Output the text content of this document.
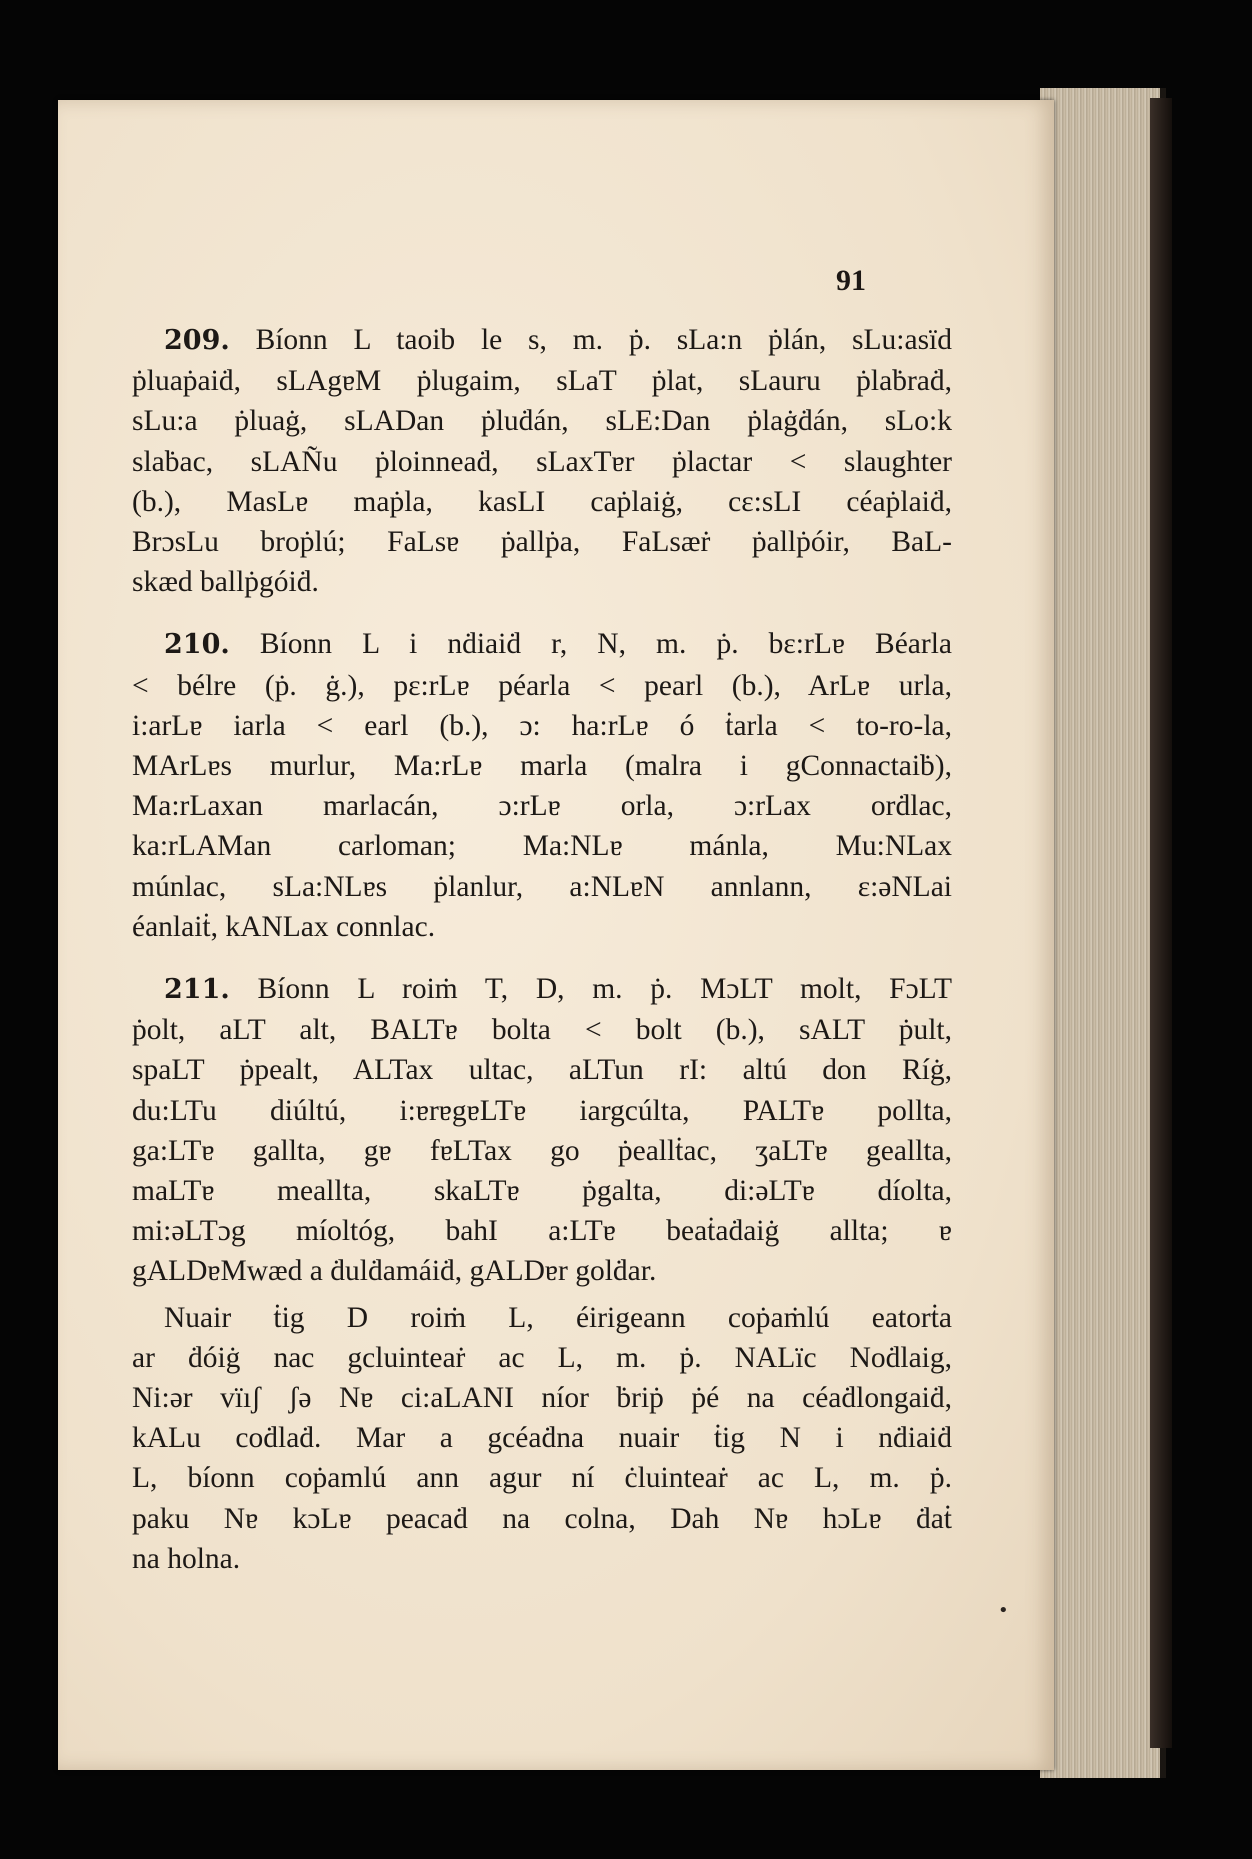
91

209. Bíonn L taoib le s, m. ṗ. sLa:n ṗlán, sLu:asïd
ṗluaṗaiḋ, sLAgɐM ṗlugaim, sLaT ṗlat, sLauru ṗlaḃraḋ,
sLu:a ṗluaġ, sLADan ṗluḋán, sLE:Dan ṗlaġḋán, sLo:k
slaḃac, sLAÑu ṗloinneaḋ, sLaxTɐr ṗlactar < slaughter
(b.), MasLɐ maṗla, kasLI caṗlaiġ, cɛ:sLI céaṗlaiḋ,
BrɔsLu broṗlú; FaLsɐ ṗallṗa, FaLsæṙ ṗallṗóir, BaL-
skæd ballṗgóiḋ.

210. Bíonn L i nḋiaiḋ r, N, m. ṗ. bɛ:rLɐ Béarla
< bélre (ṗ. ġ.), pɛ:rLɐ péarla < pearl (b.), ArLɐ urla,
i:arLɐ iarla < earl (b.), ɔ: ha:rLɐ ó ṫarla < to-ro-la,
MArLɐs murlur, Ma:rLɐ marla (malra i gConnactaiḃ),
Ma:rLaxan marlacán, ɔ:rLɐ orla, ɔ:rLax orḋlac,
ka:rLAMan carloman; Ma:NLɐ mánla, Mu:NLax
múnlac, sLa:NLɐs ṗlanlur, a:NLɐN annlann, ɛ:əNLai
éanlaiṫ, kANLax connlac.

211. Bíonn L roiṁ T, D, m. ṗ. MɔLT molt, FɔLT
ṗolt, aLT alt, BALTɐ bolta < bolt (b.), sALT ṗult,
spaLT ṗpealt, ALTax ultac, aLTun rI: altú don Ríġ,
du:LTu diúltú, i:ɐrɐgɐLTɐ iargcúlta, PALTɐ pollta,
ga:LTɐ gallta, gɐ fɐLTax go ṗeallṫac, ʒaLTɐ geallta,
maLTɐ meallta, skaLTɐ ṗgalta, di:əLTɐ díolta,
mi:əLTɔg míoltóg, bahI a:LTɐ beaṫaḋaiġ allta; ɐ
gALDɐMwæd a ḋulḋamáiḋ, gALDɐr golḋar.

Nuair ṫig D roiṁ L, éirigeann coṗaṁlú eatorṫa
ar ḋóiġ nac gcluinteaṙ ac L, m. ṗ. NALïc Noḋlaig,
Ni:ər vïıʃ ʃə Nɐ ci:aLANI níor ḃriṗ ṗé na céaḋlongaiḋ,
kALu coḋlaḋ. Mar a gcéaḋna nuair ṫig N i nḋiaiḋ
L, bíonn coṗamlú ann agur ní ċluinteaṙ ac L, m. ṗ.
paku Nɐ kɔLɐ peacaḋ na colna, Dah Nɐ hɔLɐ ḋaṫ
na holna.

•
